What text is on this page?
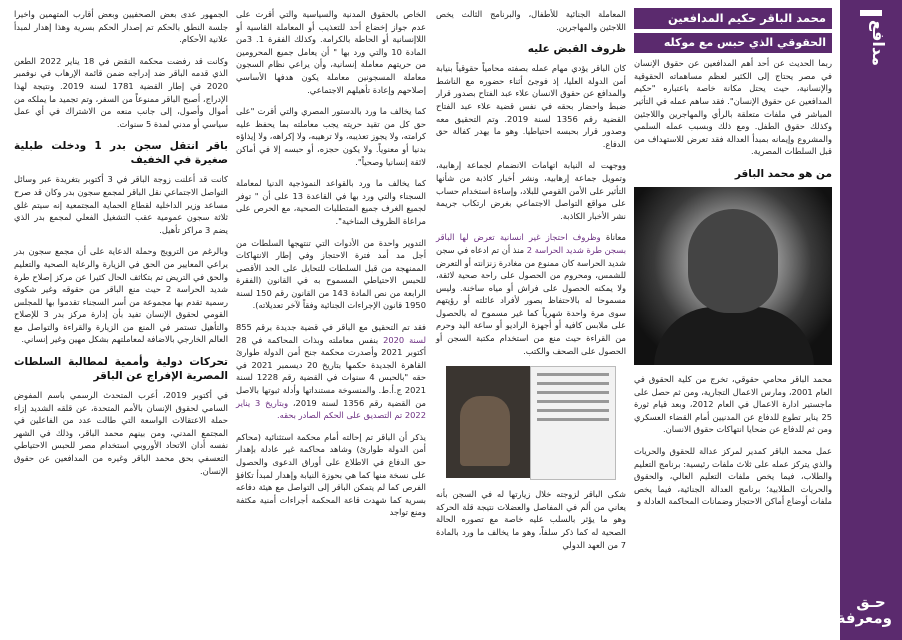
مدافع
حـق
ومعرفة
محمد الباقر حكيم المدافعين
الحقوقي الذي حبس مع موكله

ربما الحديث عن أحد أهم المدافعين عن حقوق الإنسان في مصر يحتاج إلى الكثير لعظم مساهماته الحقوقية والإنسانية، حيث يحتل مكانة خاصة باعتباره "حكيم المدافعين عن حقوق الإنسان". فقد ساهم عمله في التأثير المباشر في ملفات متعلقة بالرأي والمهاجرين واللاجئين وكذلك حقوق الطفل. ومع ذلك وبسبب عمله السلمي والمشروع وإيمانه بمبدأ العدالة فقد تعرض للاستهداف من قبل السلطات المصرية.

من هو محمد الباقر

محمد الباقر محامي حقوقي، تخرج من كلية الحقوق في العام 2001، ومارس الاعمال التجارية، ومن ثم حصل على ماجستير ادارة الاعمال في العام 2012، وبعد قيام ثورة 25 يناير تطوع للدفاع عن المدنيين أمام القضاء العسكري ومن ثم للدفاع عن ضحايا انتهاكات حقوق الانسان.

عمل محمد الباقر كمدير لمركز عدالة للحقوق والحريات والذي يتركز عمله على ثلاث ملفات رئيسية: برنامج التعليم والطلاب، فيما يخص ملفات التعليم العالي، والحقوق والحريات الطلابية؛ برنامج العدالة الجنائية، فيما يخص ملفات أوضاع أماكن الاحتجاز وضمانات المحاكمة العادلة و

المعاملة الجنائية للأطفال، والبرنامج الثالث يخص اللاجئين والمهاجرين.

ظروف القبض عليه

كان الباقر يؤدي مهام عمله بصفته محامياً حقوقياً بنيابة أمن الدولة العليا، إذ فوجئ أثناء حضوره مع الناشط والمدافع عن حقوق الانسان علاء عبد الفتاح بصدور قرار ضبط واحضار بحقه في نفس قضية علاء عبد الفتاح القضية رقم 1356 لسنة 2019. وتم التحقيق معه وصدور قرار بحبسه احتياطيا. وهو ما يهدر كفالة حق الدفاع.

ووجهت له النيابة اتهامات الانضمام لجماعة إرهابية، وتمويل جماعة إرهابية، ونشر أخبار كاذبة من شأنها التأثير على الأمن القومي للبلاد، وإساءة استخدام حساب على مواقع التواصل الاجتماعي بغرض ارتكاب جريمة نشر الأخبار الكاذبة.

معاناة وظروف احتجاز غير انسانية تعرض لها الباقر بسجن طرة شديد الحراسة 2 منذ أن تم ادعاه في سجن شديد الحراسة كان ممنوع من مغادرة زنزانته أو التعرض للشمس، ومحروم من الحصول على راحة صحية لائقة، ولا يمكنه الحصول على فراش أو مياه ساخنة. وليس مسموحا له بالاحتفاظ بصور لأفراد عائلته أو رؤيتهم سوى مرة واحدة شهرياً كما غير مسموح له بالحصول على ملابس كافية أو أجهزة الراديو أو ساعة اليد وحرم من القراءة حيث منع من استخدام مكتبة السجن أو الحصول على الصحف والكتب.

شكى الباقر لزوجته خلال زيارتها له في السجن بأنه يعاني من ألم في المفاصل والعضلات نتيجة قلة الحركة وهو ما يؤثر بالسلب عليه خاصة مع تصوره الحالة الصحية له كما ذكر سلفاً، وهو ما يخالف ما ورد بالمادة 7 من العهد الدولي

الخاص بالحقوق المدنية والسياسية والتي أقرت على عدم جواز إخضاع أحد للتعذيب أو المعاملة القاسية أو اللاإنسانية أو الحاطة بالكرامة. وكذلك الفقرة 1. 3من المادة 10 والتي ورد بها " أن يعامل جميع المحرومين من حريتهم معاملة إنسانية، وأن يراعي نظام السجون معاملة المسجونين معاملة يكون هدفها الأساسي إصلاحهم وإعادة تأهيلهم الاجتماعي.

كما يخالف ما ورد بالدستور المصري والتي أقرت "على حق كل من تقيد حريته يجب معاملته بما يحفظ عليه كرامته، ولا يجوز تعذيبه، ولا ترهيبه، ولا إكراهه، ولا إيذاؤه بدنيا أو معنوياً. ولا يكون حجزه، أو حبسه إلا في أماكن لائقة إنسانيا وصحياً".

كما يخالف ما ورد بالقواعد النموذجية الدنيا لمعاملة السجناء والتي ورد بها في القاعدة 13 على أن " توفر لجميع الغرف جميع المتطلبات الصحية، مع الحرص على مراعاة الظروف المناخية".

التدوير واحدة من الأدوات التي تنتهجها السلطات من أجل مد أمد فترة الاحتجاز وفي إطار الانتهاكات الممنهجة من قبل السلطات للتحايل على الحد الأقصى للحبس الاحتياطي المسموح به في القانون (الفقرة الرابعة من نص المادة 143 من القانون رقم 150 لسنة 1950 قانون الإجراءات الجنائية وفقاً لآخر تعديلاته).

فقد تم التحقيق مع الباقر في قضية جديدة برقم 855 لسنة 2020 بنفس معاملته وبذات المحاكمة في 28 أكتوبر 2021 وأصدرت محكمة جنح أمن الدولة طوارئ القاهرة الجديدة حكمها بتاريخ 20 ديسمبر 2021 في حقه "بالحبس 4 سنوات في القضية رقم 1228 لسنة 2021 ج.أ.ط. والمنسوخة مستنداتها وأدلة ثبوتها بالاصل من القضية رقم 1356 لسنة 2019، وبتاريخ 3 يناير 2022 تم التصديق على الحكم الصادر بحقه.

يذكر أن الباقر تم إحالته أمام محكمة استثنائية (محاكم أمن الدولة طوارئ) وشاهد محاكمة غير عادلة بإهدار حق الدفاع في الاطلاع على أوراق الدعوى والحصول على نسخة منها كما هي بحوزة النيابة وإهدار لمبدأ تكافؤ الفرص كما لم يتمكن الباقر إلى التواصل مع هيئة دفاعه بسرية كما شهدت قاعة المحكمة أجراءات أمنية مكثفة ومنع تواجد

الجمهور عدى بعض الصحفيين وبعض أقارب المتهمين واخيرا جلسة النطق بالحكم تم إصدار الحكم بسرية وهذا إهدار لمبدأ علانية الأحكام.

وكانت قد رفضت محكمة النقض في 18 يناير 2022 الطعن الذي قدمه الباقر ضد إدراجه ضمن قائمة الإرهاب في نوفمبر 2020 في إطار القضية 1781 لسنة 2019. ونتيجة لهذا الإدراج، أصبح الباقر ممنوعاً من السفر، وتم تجميد ما يملكه من أموال وأصول، إلى جانب منعه من الاشتراك في أي عمل سياسي أو مدني لمدة 5 سنوات.

باقر انتقل سجن بدر 1 ودخلت طبلية صغيرة في الخفيف

كانت قد أعلنت زوجة الباقر في 3 أكتوبر بتغريدة عبر وسائل التواصل الاجتماعي نقل الباقر لمجمع سجون بدر وكان قد صرح مساعد وزير الداخلية لقطاع الحماية المجتمعية إنه سيتم غلق ثلاثة سجون عمومية عقب التشغيل الفعلي لمجمع بدر الذي يضم 3 مراكز تأهيل.

وبالرغم من الترويج وحملة الدعاية على أن مجمع سجون بدر يراعي المعايير من الحق في الزيارة والرعاية الصحية والتعليم والحق في التريض تم بتكاثف الحال كثيرا عن مركز إصلاح طرة شديد الحراسة 2 حيث منع الباقر من حقوقه وغير شكوى رسمية تقدم بها مجموعة من أسر السجناء تقدموا بها للمجلس القومي لحقوق الإنسان تفيد بأن إدارة مركز بدر 3 للإصلاح والتأهيل تستمر في المنع من الزيارة والقراءة والتواصل مع العالم الخارجي بالاضافة لمعاملتهم بشكل مهين وغير إنساني.

تحركات دولية وأممية لمطالبة السلطات المصرية الإفراج عن الباقر

في أكتوبر 2019، أعرب المتحدث الرسمي باسم المفوض السامي لحقوق الإنسان بالأمم المتحدة، عن قلقه الشديد إزاء حملة الاعتقالات الواسعة التي طالت عدد من الفاعلين في المجتمع المدني، ومن بينهم محمد الباقر، وذلك في الشهر نفسه أدان الاتحاد الأوروبي استخدام مصر للحبس الاحتياطي التعسفي بحق محمد الباقر وغيره من المدافعين عن حقوق الإنسان.
